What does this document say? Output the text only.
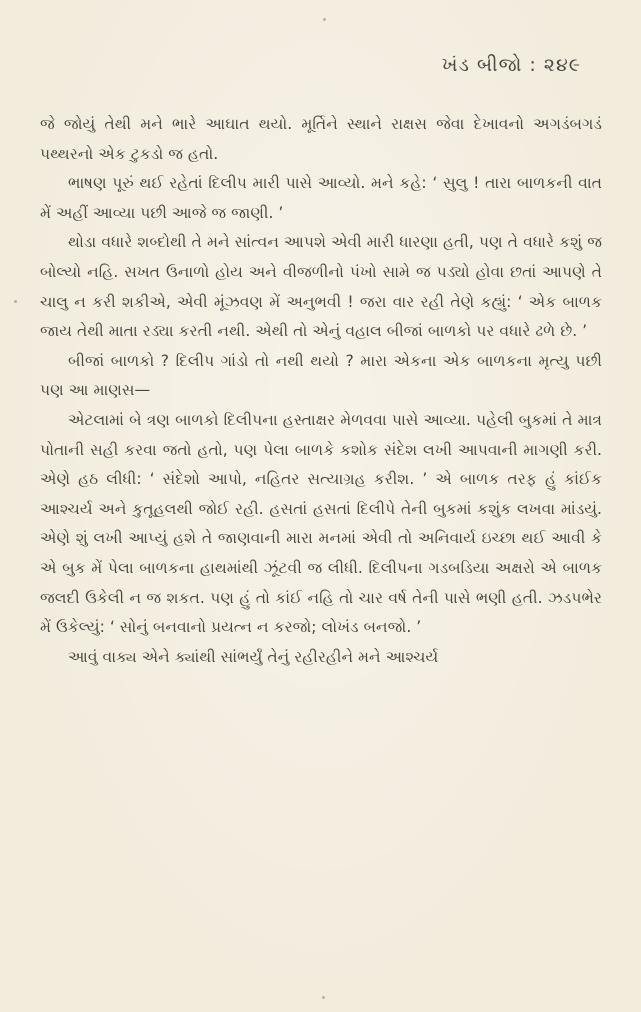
ખંડ બીજો : ૨૪૯

જે જોયું તેથી મને ભારે આઘાત થયો. મૂર્તિને સ્થાને રાક્ષસ જેવા દેખાવનો અગડંબગડં પથ્થરનો એક ટુકડો જ હતો.

ભાષણ પૂરું થઈ રહેતાં દિલીપ મારી પાસે આવ્યો. મને કહે: ‘ સુલુ ! તારા બાળકની વાત મેં અહીં આવ્યા પછી આજે જ જાણી. ’

થોડા વધારે શબ્દોથી તે મને સાંત્વન આપશે એવી મારી ધારણા હતી, પણ તે વધારે કશું જ બોલ્યો નહિ. સખત ઉનાળો હોય અને વીજળીનો પંખો સામે જ પડ્યો હોવા છતાં આપણે તે ચાલુ ન કરી શકીએ, એવી મૂંઝવણ મેં અનુભવી ! જરા વાર રહી તેણે કહ્યું: ‘ એક બાળક જાય તેથી માતા રડ્યા કરતી નથી. એથી તો એનું વહાલ બીજાં બાળકો પર વધારે ઢળે છે. ’

બીજાં બાળકો ? દિલીપ ગાંડો તો નથી થયો ? મારા એકના એક બાળકના મૃત્યુ પછી પણ આ માણસ—

એટલામાં બે ત્રણ બાળકો દિલીપના હસ્તાક્ષર મેળવવા પાસે આવ્યા. પહેલી બુકમાં તે માત્ર પોતાની સહી કરવા જતો હતો, પણ પેલા બાળકે કશોક સંદેશ લખી આપવાની માગણી કરી. એણે હઠ લીધી: ‘ સંદેશો આપો, નહિતર સત્યાગ્રહ કરીશ. ’ એ બાળક તરફ હું કાંઈક આશ્ચર્ય અને કુતૂહલથી જોઈ રહી. હસતાં હસતાં દિલીપે તેની બુકમાં કશુંક લખવા માંડયું. એણે શું લખી આપ્યું હશે તે જાણવાની મારા મનમાં એવી તો અનિવાર્ય ઇચ્છા થઈ આવી કે એ બુક મેં પેલા બાળકના હાથમાંથી ઝૂંટવી જ લીધી. દિલીપના ગડબડિયા અક્ષરો એ બાળક જલદી ઉકેલી ન જ શકત. પણ હું તો કાંઈ નહિ તો ચાર વર્ષ તેની પાસે ભણી હતી. ઝડપભેર મેં ઉકેલ્યું: ‘ સોનું બનવાનો પ્રયત્ન ન કરજો; લોખંડ બનજો. ’

આવું વાક્ય એને ક્યાંથી સાંભર્યું તેનું રહીરહીને મને આશ્ચર્ય
